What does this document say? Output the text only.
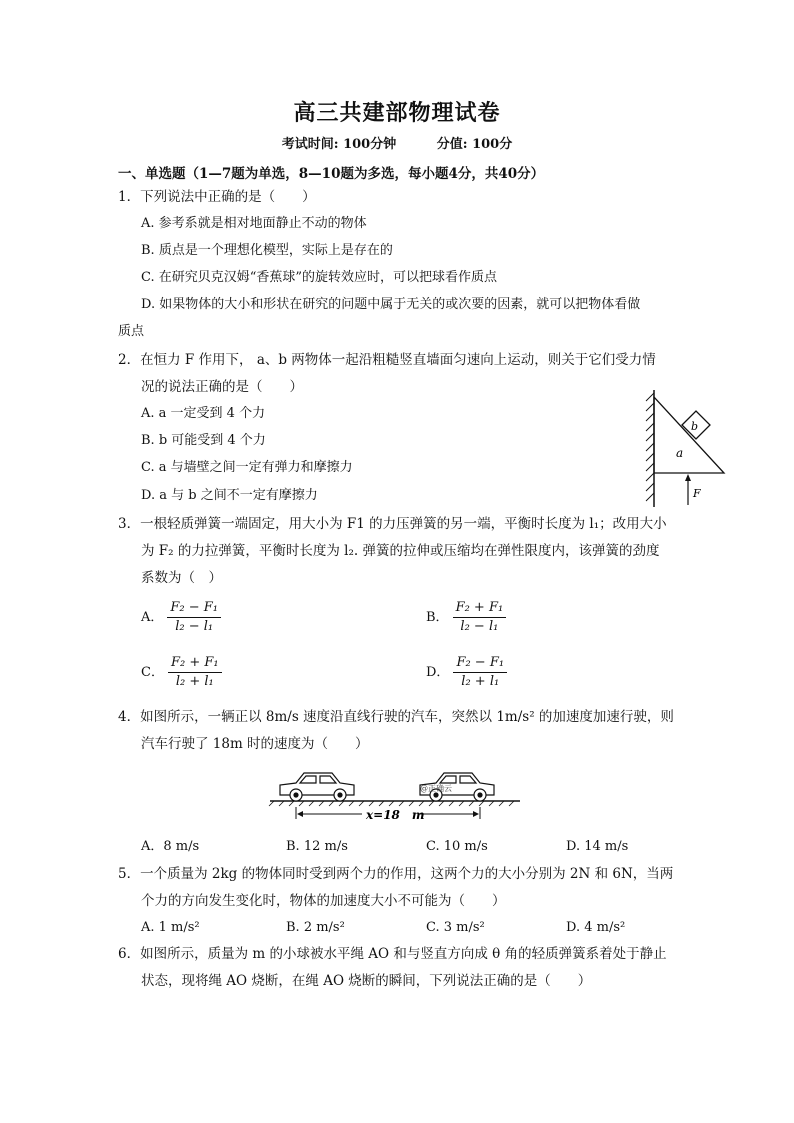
高三共建部物理试卷
考试时间: 100分钟	分值: 100分
一、单选题（1—7题为单选，8—10题为多选，每小题4分，共40分）
1．下列说法中正确的是（　　）
A. 参考系就是相对地面静止不动的物体
B. 质点是一个理想化模型，实际上是存在的
C. 在研究贝克汉姆“香蕉球”的旋转效应时，可以把球看作质点
D. 如果物体的大小和形状在研究的问题中属于无关的或次要的因素，就可以把物体看做
质点
2．在恒力 F 作用下， a、b 两物体一起沿粗糙竖直墙面匀速向上运动，则关于它们受力情
况的说法正确的是（　　）
A. a 一定受到 4 个力
B. b 可能受到 4 个力
C. a 与墙壁之间一定有弹力和摩擦力
D. a 与 b 之间不一定有摩擦力
b
a
F
3．一根轻质弹簧一端固定，用大小为 F1 的力压弹簧的另一端，平衡时长度为 l₁；改用大小
为 F₂ 的力拉弹簧，平衡时长度为 l₂. 弹簧的拉伸或压缩均在弹性限度内，该弹簧的劲度
系数为（　）
A． $\frac{\text{F₂ − F₁}}{\text{l₂ − l₁}}$	B． $\frac{\text{F₂ + F₁}}{\text{l₂ − l₁}}$
C． $\frac{\text{F₂ + F₁}}{\text{l₂ + l₁}}$	D． $\frac{\text{F₂ − F₁}}{\text{l₂ + l₁}}$
4．如图所示，一辆正以 8m/s 速度沿直线行驶的汽车，突然以 1m/s² 的加速度加速行驶，则
汽车行驶了 18m 时的速度为（　　）
@正确云
x=18　m
A．8 m/s	B. 12 m/s	C. 10 m/s	D. 14 m/s
5．一个质量为 2kg 的物体同时受到两个力的作用，这两个力的大小分别为 2N 和 6N，当两
个力的方向发生变化时，物体的加速度大小不可能为（　　）
A. 1 m/s²	B. 2 m/s²	C. 3 m/s²	D. 4 m/s²
6．如图所示，质量为 m 的小球被水平绳 AO 和与竖直方向成 θ 角的轻质弹簧系着处于静止
状态，现将绳 AO 烧断，在绳 AO 烧断的瞬间，下列说法正确的是（　　）
